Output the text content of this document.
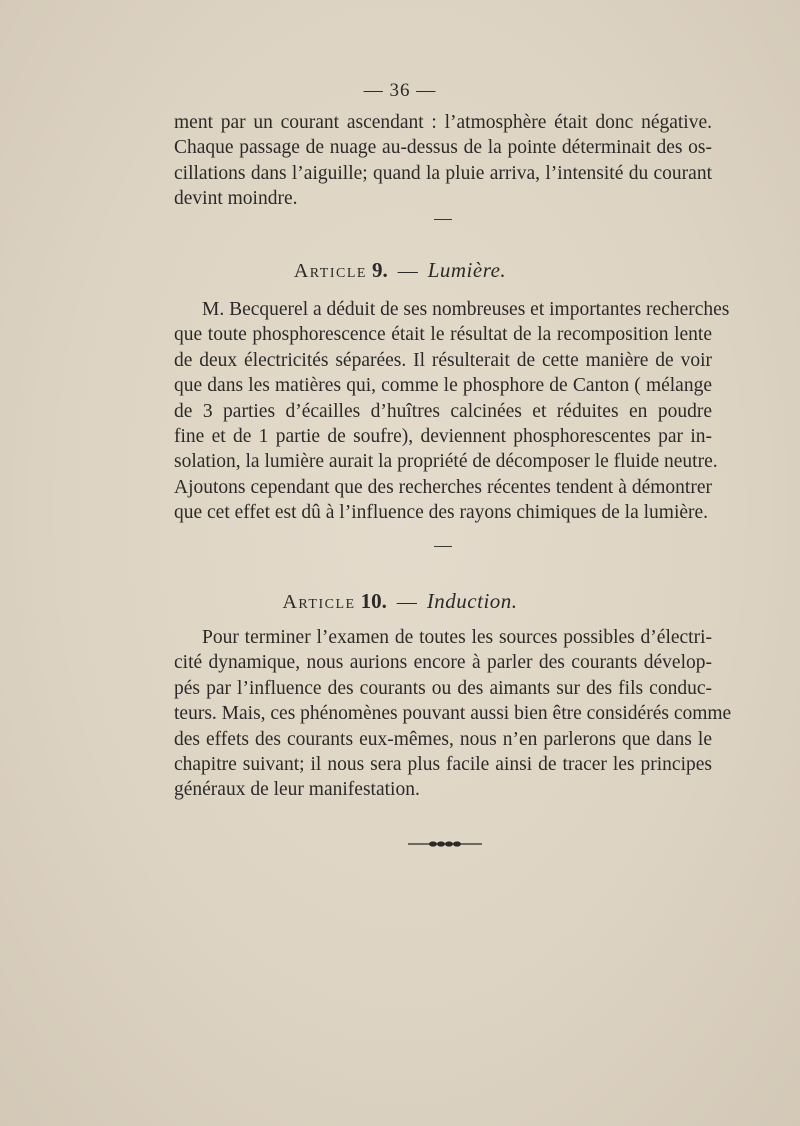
— 36 —
ment par un courant ascendant : l’atmosphère était donc négative.
Chaque passage de nuage au-dessus de la pointe déterminait des os-
cillations dans l’aiguille; quand la pluie arriva, l’intensité du courant
devint moindre.
Article 9. — Lumière.
M. Becquerel a déduit de ses nombreuses et importantes recherches
que toute phosphorescence était le résultat de la recomposition lente
de deux électricités séparées. Il résulterait de cette manière de voir
que dans les matières qui, comme le phosphore de Canton ( mélange
de 3 parties d’écailles d’huîtres calcinées et réduites en poudre
fine et de 1 partie de soufre), deviennent phosphorescentes par in-
solation, la lumière aurait la propriété de décomposer le fluide neutre.
Ajoutons cependant que des recherches récentes tendent à démontrer
que cet effet est dû à l’influence des rayons chimiques de la lumière.
Article 10. — Induction.
Pour terminer l’examen de toutes les sources possibles d’électri-
cité dynamique, nous aurions encore à parler des courants dévelop-
pés par l’influence des courants ou des aimants sur des fils conduc-
teurs. Mais, ces phénomènes pouvant aussi bien être considérés comme
des effets des courants eux-mêmes, nous n’en parlerons que dans le
chapitre suivant; il nous sera plus facile ainsi de tracer les principes
généraux de leur manifestation.
